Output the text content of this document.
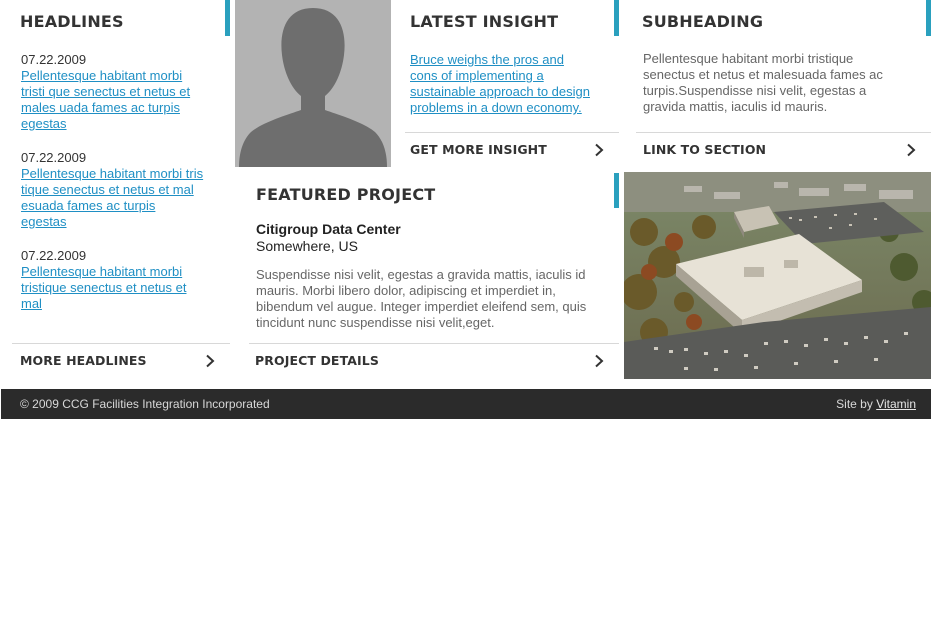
HEADLINES
07.22.2009
Pellentesque habitant morbi
tristi que senectus et netus et
males uada fames ac turpis
egestas
07.22.2009
Pellentesque habitant morbi tris
tique senectus et netus et mal
esuada fames ac turpis
egestas
07.22.2009
Pellentesque habitant morbi
tristique senectus et netus et
mal
MORE HEADLINES
LATEST INSIGHT
Bruce weighs the pros and
cons of implementing a
sustainable approach to design
problems in a down economy.
GET MORE INSIGHT
SUBHEADING
Pellentesque habitant morbi tristique
senectus et netus et malesuada fames ac
turpis.Suspendisse nisi velit, egestas a
gravida mattis, iaculis id mauris.
LINK TO SECTION
FEATURED PROJECT
Citigroup Data Center
Somewhere, US
Suspendisse nisi velit, egestas a gravida mattis, iaculis id
mauris. Morbi libero dolor, adipiscing et imperdiet in,
bibendum vel augue. Integer imperdiet eleifend sem, quis
tincidunt nunc suspendisse nisi velit,eget.
PROJECT DETAILS
© 2009 CCG Facilities Integration Incorporated	Site by Vitamin
